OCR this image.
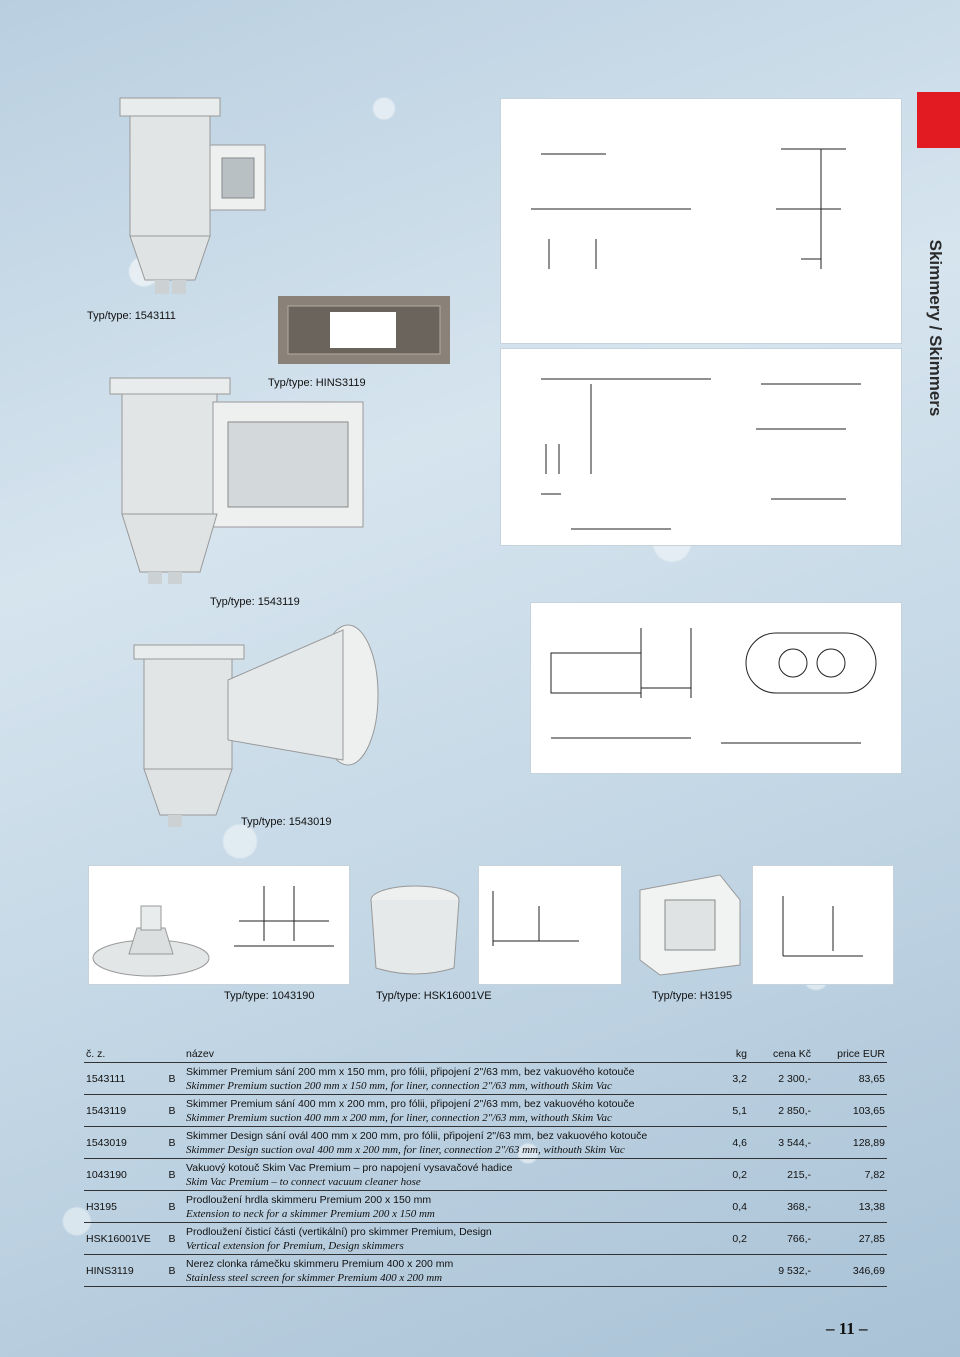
Skimmery / Skimmers
Typ/type: 1543111
Typ/type: HINS3119
Typ/type: 1543119
Typ/type: 1543019
Typ/type: 1043190	Typ/type: HSK16001VE	Typ/type: H3195
č. z.		název	kg	cena Kč	price EUR
1543111	B	Skimmer Premium sání 200 mm x 150 mm, pro fólii, připojení 2"/63 mm, bez vakuového kotouče
Skimmer Premium suction 200 mm x 150 mm, for liner, connection 2"/63 mm, withouth Skim Vac	3,2	2 300,-	83,65
1543119	B	Skimmer Premium sání 400 mm x 200 mm, pro fólii, připojení 2"/63 mm, bez vakuového kotouče
Skimmer Premium suction 400 mm x 200 mm, for liner, connection 2"/63 mm, withouth Skim Vac	5,1	2 850,-	103,65
1543019	B	Skimmer Design sání ovál 400 mm x 200 mm, pro fólii, připojení 2"/63 mm, bez vakuového kotouče
Skimmer Design suction oval 400 mm x 200 mm, for liner, connection 2"/63 mm, withouth Skim Vac	4,6	3 544,-	128,89
1043190	B	Vakuový kotouč Skim Vac Premium – pro napojení vysavačové hadice
Skim Vac Premium – to connect vacuum cleaner hose	0,2	215,-	7,82
H3195	B	Prodloužení hrdla skimmeru Premium 200 x 150 mm
Extension to neck for a skimmer Premium 200 x 150 mm	0,4	368,-	13,38
HSK16001VE	B	Prodloužení čisticí části (vertikální) pro skimmer Premium, Design
Vertical extension for Premium, Design skimmers	0,2	766,-	27,85
HINS3119	B	Nerez clonka rámečku skimmeru Premium 400 x 200 mm
Stainless steel screen for skimmer Premium 400 x 200 mm		9 532,-	346,69
– 11 –
